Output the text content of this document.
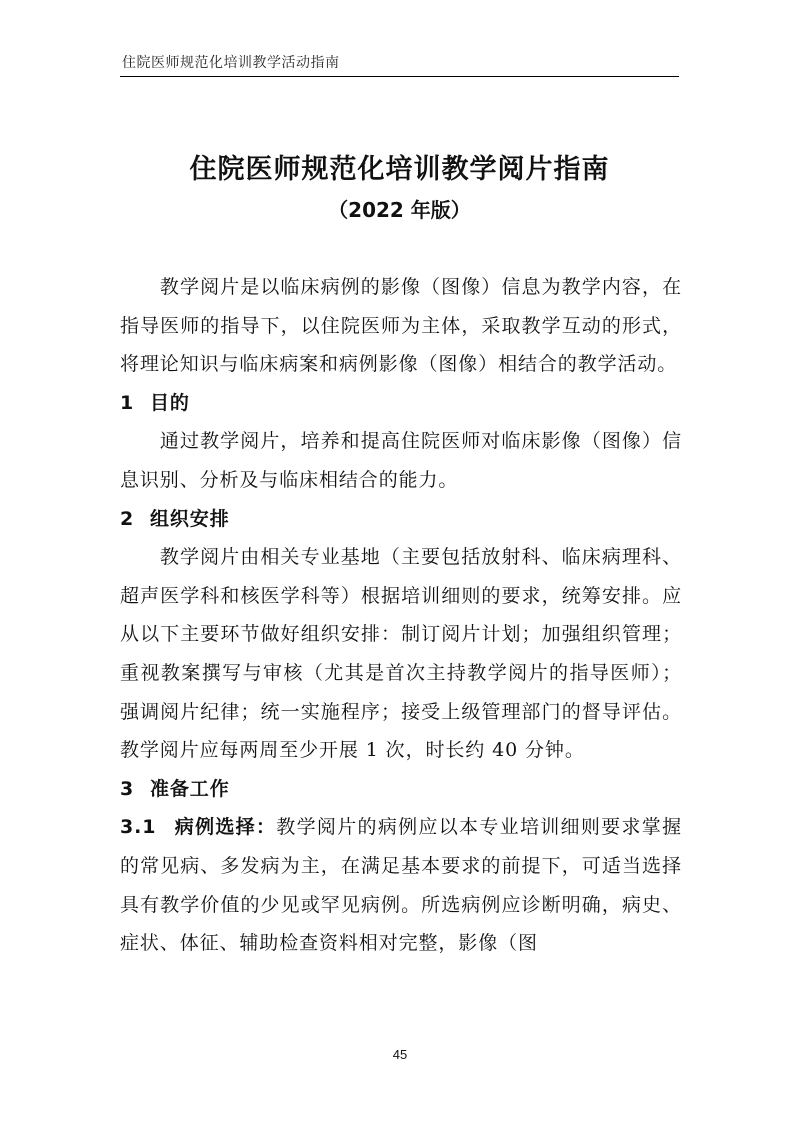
住院医师规范化培训教学活动指南
住院医师规范化培训教学阅片指南
（2022 年版）

教学阅片是以临床病例的影像（图像）信息为教学内容，在指导医师的指导下，以住院医师为主体，采取教学互动的形式，将理论知识与临床病案和病例影像（图像）相结合的教学活动。

1 目的

通过教学阅片，培养和提高住院医师对临床影像（图像）信息识别、分析及与临床相结合的能力。

2 组织安排

教学阅片由相关专业基地（主要包括放射科、临床病理科、超声医学科和核医学科等）根据培训细则的要求，统筹安排。应从以下主要环节做好组织安排：制订阅片计划；加强组织管理；重视教案撰写与审核（尤其是首次主持教学阅片的指导医师）；强调阅片纪律；统一实施程序；接受上级管理部门的督导评估。教学阅片应每两周至少开展 1 次，时长约 40 分钟。

3 准备工作

3.1 病例选择：教学阅片的病例应以本专业培训细则要求掌握的常见病、多发病为主，在满足基本要求的前提下，可适当选择具有教学价值的少见或罕见病例。所选病例应诊断明确，病史、症状、体征、辅助检查资料相对完整，影像（图

45
